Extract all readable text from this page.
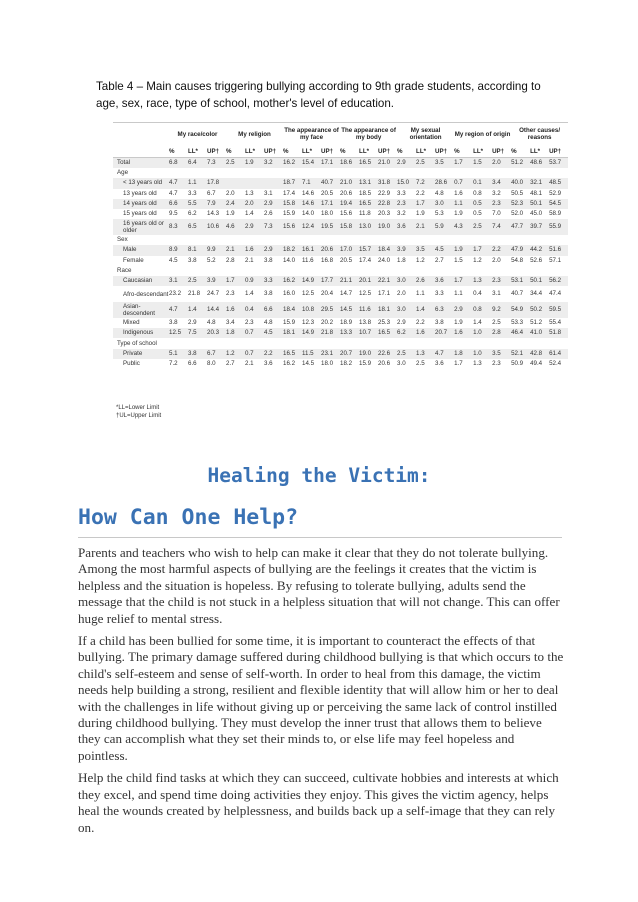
Table 4 – Main causes triggering bullying according to 9th grade students, according to age, sex, race, type of school, mother's level of education.
	My race/color			My religion			The appearance of my face			The appearance of my body			My sexual orientation			My region of origin			Other causes/ reasons		
	%	LL*	UP†	%	LL*	UP†	%	LL*	UP†	%	LL*	UP†	%	LL*	UP†	%	LL*	UP†	%	LL*	UP†
Total	6.8	6.4	7.3	2.5	1.9	3.2	16.2	15.4	17.1	18.6	16.5	21.0	2.9	2.5	3.5	1.7	1.5	2.0	51.2	48.6	53.7
Age																					
< 13 years old	4.7	1.1	17.8				18.7	7.1	40.7	21.0	13.1	31.8	15.0	7.2	28.6	0.7	0.1	3.4	40.0	32.1	48.5
13 years old	4.7	3.3	6.7	2.0	1.3	3.1	17.4	14.6	20.5	20.6	18.5	22.9	3.3	2.2	4.8	1.6	0.8	3.2	50.5	48.1	52.9
14 years old	6.6	5.5	7.9	2.4	2.0	2.9	15.8	14.6	17.1	19.4	16.5	22.8	2.3	1.7	3.0	1.1	0.5	2.3	52.3	50.1	54.5
15 years old	9.5	6.2	14.3	1.9	1.4	2.6	15.9	14.0	18.0	15.6	11.8	20.3	3.2	1.9	5.3	1.9	0.5	7.0	52.0	45.0	58.9
16 years old or older	8.3	6.5	10.6	4.6	2.9	7.3	15.6	12.4	19.5	15.8	13.0	19.0	3.6	2.1	5.9	4.3	2.5	7.4	47.7	39.7	55.9
Sex																					
Male	8.9	8.1	9.9	2.1	1.6	2.9	18.2	16.1	20.6	17.0	15.7	18.4	3.9	3.5	4.5	1.9	1.7	2.2	47.9	44.2	51.6
Female	4.5	3.8	5.2	2.8	2.1	3.8	14.0	11.6	16.8	20.5	17.4	24.0	1.8	1.2	2.7	1.5	1.2	2.0	54.8	52.6	57.1
Race																					
Caucasian	3.1	2.5	3.9	1.7	0.9	3.3	16.2	14.9	17.7	21.1	20.1	22.1	3.0	2.6	3.6	1.7	1.3	2.3	53.1	50.1	56.2
Afro-descendant	23.2	21.8	24.7	2.3	1.4	3.8	16.0	12.5	20.4	14.7	12.5	17.1	2.0	1.1	3.3	1.1	0.4	3.1	40.7	34.4	47.4
Asian-descendent	4.7	1.4	14.4	1.6	0.4	6.6	18.4	10.8	29.5	14.5	11.6	18.1	3.0	1.4	6.3	2.9	0.8	9.2	54.9	50.2	59.5
Mixed	3.8	2.9	4.8	3.4	2.3	4.8	15.9	12.3	20.2	18.9	13.8	25.3	2.9	2.2	3.8	1.9	1.4	2.5	53.3	51.2	55.4
Indigenous	12.5	7.5	20.3	1.8	0.7	4.5	18.1	14.9	21.8	13.3	10.7	16.5	6.2	1.6	20.7	1.6	1.0	2.8	46.4	41.0	51.8
Type of school																					
Private	5.1	3.8	6.7	1.2	0.7	2.2	16.5	11.5	23.1	20.7	19.0	22.6	2.5	1.3	4.7	1.8	1.0	3.5	52.1	42.8	61.4
Public	7.2	6.6	8.0	2.7	2.1	3.6	16.2	14.5	18.0	18.2	15.9	20.6	3.0	2.5	3.6	1.7	1.3	2.3	50.9	49.4	52.4
*LL=Lower Limit
†UL=Upper Limit
Healing the Victim:
How Can One Help?

Parents and teachers who wish to help can make it clear that they do not tolerate bullying. Among the most harmful aspects of bullying are the feelings it creates that the victim is helpless and the situation is hopeless. By refusing to tolerate bullying, adults send the message that the child is not stuck in a helpless situation that will not change. This can offer huge relief to mental stress.

If a child has been bullied for some time, it is important to counteract the effects of that bullying. The primary damage suffered during childhood bullying is that which occurs to the child's self-esteem and sense of self-worth. In order to heal from this damage, the victim needs help building a strong, resilient and flexible identity that will allow him or her to deal with the challenges in life without giving up or perceiving the same lack of control instilled during childhood bullying. They must develop the inner trust that allows them to believe they can accomplish what they set their minds to, or else life may feel hopeless and pointless.

Help the child find tasks at which they can succeed, cultivate hobbies and interests at which they excel, and spend time doing activities they enjoy. This gives the victim agency, helps heal the wounds created by helplessness, and builds back up a self-image that they can rely on.
